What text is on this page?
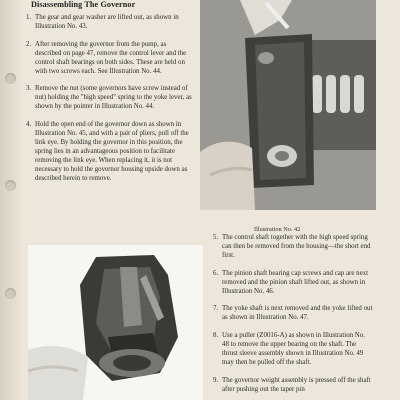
Disassembling The Governor
1. The gear and gear washer are lifted out, as shown in Illustration No. 43.
2. After removing the governor from the pump, as described on page 47, remove the control lever and the control shaft bearings on both sides. These are held on with two screws each. See Illustration No. 44.
3. Remove the nut (some governors have screw instead of nut) holding the "high speed" spring to the yoke lever, as shown by the pointer in Illustration No. 44.
4. Hold the open end of the governor down as shown in Illustration No. 45, and with a pair of pliers, pull off the link eye. By holding the governor in this position, the spring lies in an advantageous position to facilitate removing the link eye. When replacing it, it is not necessary to hold the governor housing upside down as described herein to remove.
Illustration No. 42
5. The control shaft together with the high speed spring can then be removed from the housing—the short end first.
6. The pinion shaft bearing cap screws and cap are next removed and the pinion shaft lifted out, as shown in Illustration No. 46.
7. The yoke shaft is next removed and the yoke lifted out as shown in Illustration No. 47.
8. Use a puller (Z0016-A) as shown in Illustration No. 48 to remove the upper bearing on the shaft. The thrust sleeve assembly shown in Illustration No. 49 may then be pulled off the shaft.
9. The governor weight assembly is pressed off the shaft after pushing out the taper pin
